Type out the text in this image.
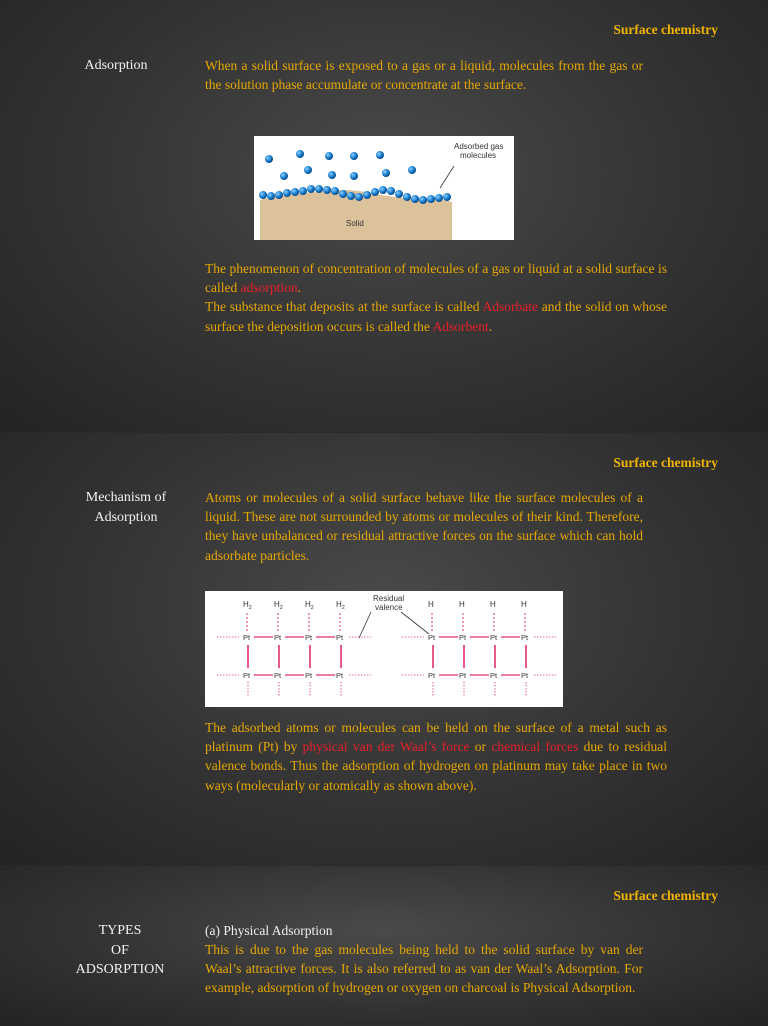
Surface chemistry
Adsorption	When a solid surface is exposed to a gas or a liquid, molecules from the gas or the solution phase accumulate or concentrate at the surface.
Solid
Adsorbed gas
molecules
The phenomenon of concentration of molecules of a gas or liquid at a solid surface is called adsorption.
The substance that deposits at the surface is called Adsorbate and the solid on whose surface the deposition occurs is called the Adsorbent.
Surface chemistry
Mechanism of
Adsorption
Atoms or molecules of a solid surface behave like the surface molecules of a liquid. These are not surrounded by atoms or molecules of their kind. Therefore, they have unbalanced or residual attractive forces on the surface which can hold adsorbate particles.
Residual
valence
$H_2$
Pt
Pt
$H_2$
Pt
Pt
$H_2$
Pt
Pt
$H_2$
Pt
Pt
H
Pt
Pt
H
Pt
Pt
H
Pt
Pt
H
Pt
Pt
The adsorbed atoms or molecules can be held on the surface of a metal such as platinum (Pt) by physical van der Waal’s force or chemical forces due to residual valence bonds. Thus the adsorption of hydrogen on platinum may take place in two ways (molecularly or atomically as shown above).
Surface chemistry
TYPES
OF
ADSORPTION
(a) Physical Adsorption
This is due to the gas molecules being held to the solid surface by van der Waal’s attractive forces. It is also referred to as van der Waal’s Adsorption. For example, adsorption of hydrogen or oxygen on charcoal is Physical Adsorption.
